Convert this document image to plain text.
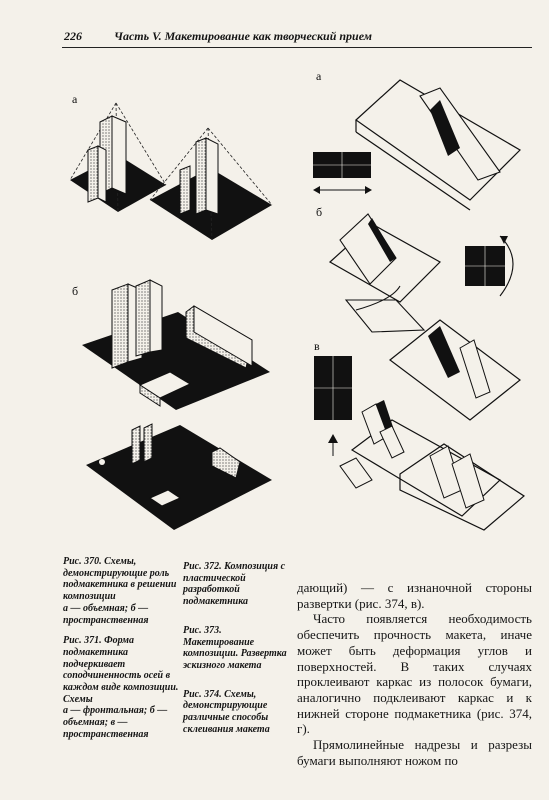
226	Часть V. Макетирование как творческий прием
а
б
а
б
в
Рис. 370. Схемы, демонстрирующие роль подмакетника в решении композиции
а — объемная; б — пространственная
Рис. 371. Форма подмакетника подчеркивает соподчиненность осей в каждом виде композиции. Схемы
а — фронтальная; б — объемная; в — пространственная
Рис. 372. Композиция с пластической разработкой подмакетника
Рис. 373. Макетирование композиции. Развертка эскизного макета
Рис. 374. Схемы, демонстрирующие различные способы склеивания макета

дающий) — с изнаночной стороны развертки (рис. 374, в).

Часто появляется необходимость обеспечить прочность макета, иначе может быть деформация углов и поверхностей. В таких случаях проклеивают каркас из полосок бумаги, аналогично подклеивают каркас и к нижней стороне подмакетника (рис. 374, г).

Прямолинейные надрезы и разрезы бумаги выполняют ножом по
